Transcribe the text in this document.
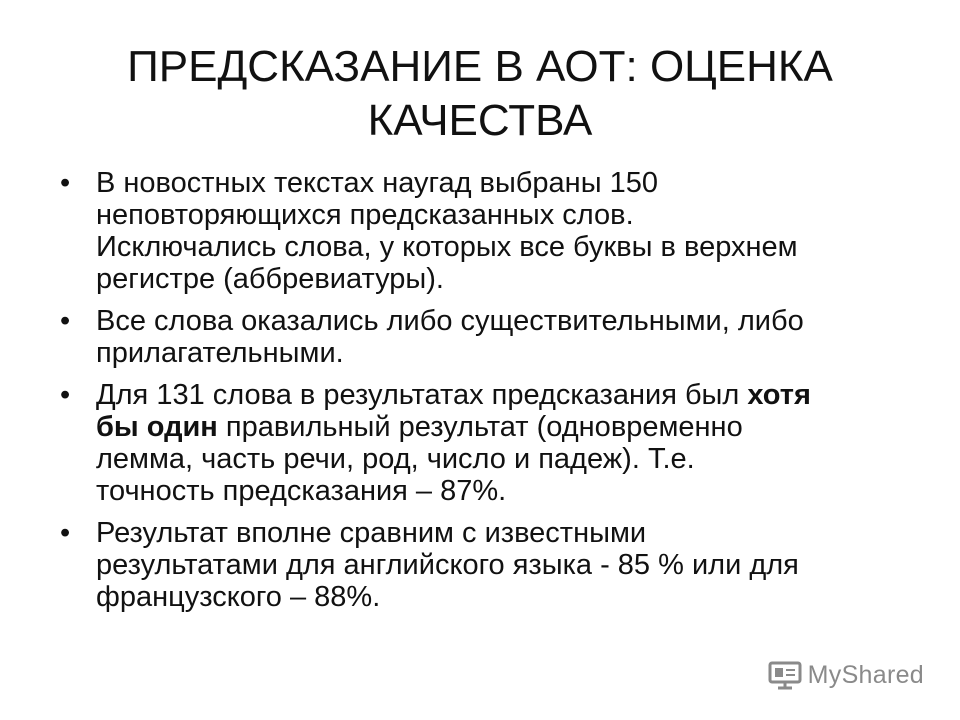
ПРЕДСКАЗАНИЕ В АОТ: ОЦЕНКА
КАЧЕСТВА
• В новостных текстах наугад выбраны 150
неповторяющихся предсказанных слов.
Исключались слова, у которых все буквы в верхнем
регистре (аббревиатуры).
• Все слова оказались либо существительными, либо
прилагательными.
• Для 131 слова в результатах предсказания был хотя
бы один правильный результат (одновременно
лемма, часть речи, род, число и падеж). Т.е.
точность предсказания – 87%.
• Результат вполне сравним с известными
результатами для английского языка - 85 % или для
французского – 88%.
MyShared
